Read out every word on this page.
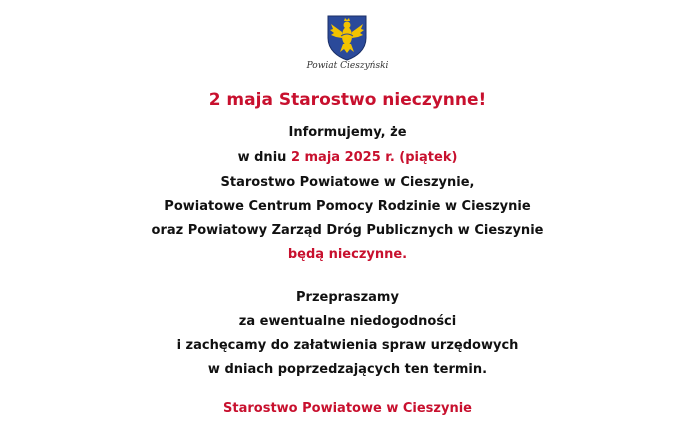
Powiat Cieszyński
2 maja Starostwo nieczynne!
Informujemy, że
w dniu 2 maja 2025 r. (piątek)
Starostwo Powiatowe w Cieszynie,
Powiatowe Centrum Pomocy Rodzinie w Cieszynie
oraz Powiatowy Zarząd Dróg Publicznych w Cieszynie
będą nieczynne.
Przepraszamy
za ewentualne niedogodności
i zachęcamy do załatwienia spraw urzędowych
w dniach poprzedzających ten termin.
Starostwo Powiatowe w Cieszynie
